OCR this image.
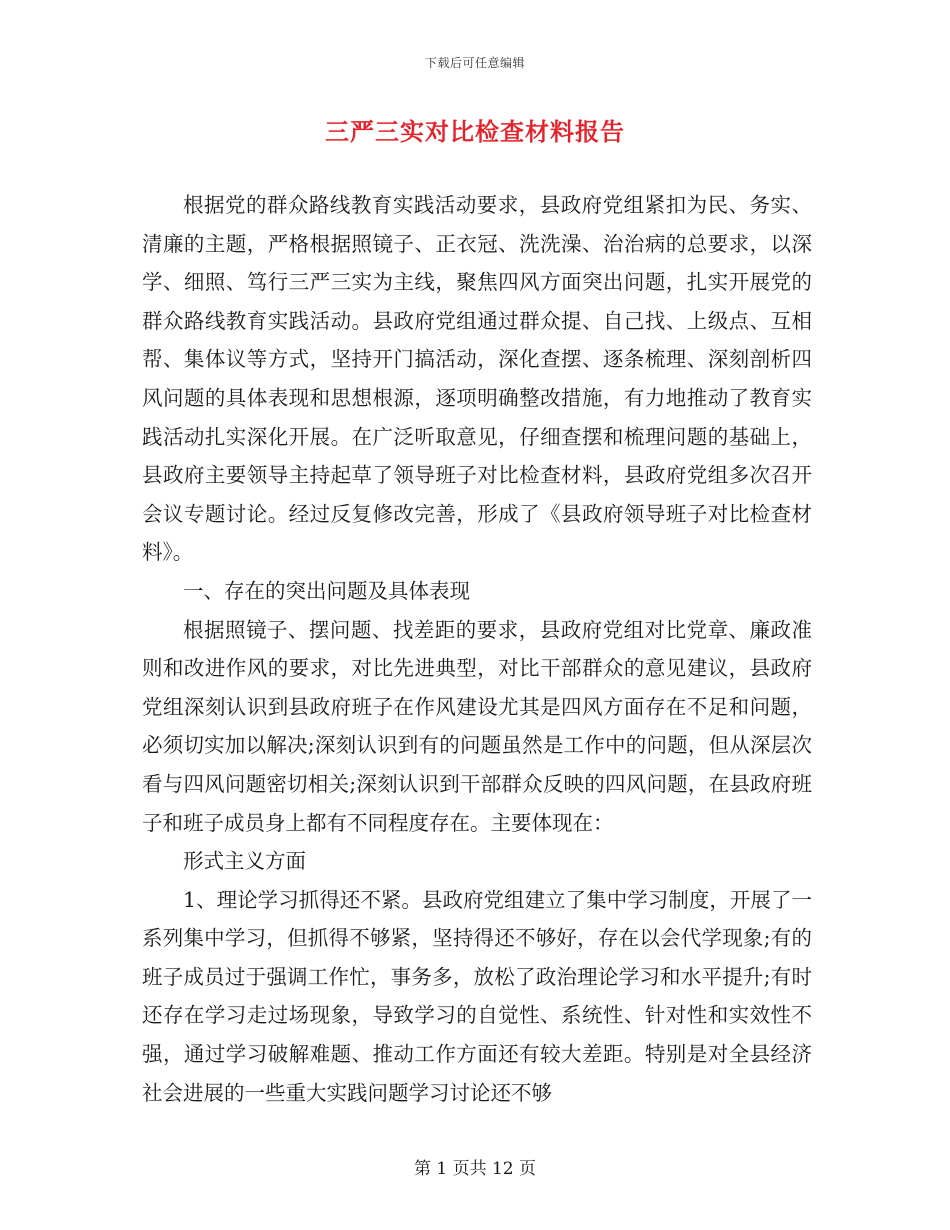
下载后可任意编辑
三严三实对比检查材料报告

根据党的群众路线教育实践活动要求，县政府党组紧扣为民、务实、清廉的主题，严格根据照镜子、正衣冠、洗洗澡、治治病的总要求，以深学、细照、笃行三严三实为主线，聚焦四风方面突出问题，扎实开展党的群众路线教育实践活动。县政府党组通过群众提、自己找、上级点、互相帮、集体议等方式，坚持开门搞活动，深化查摆、逐条梳理、深刻剖析四风问题的具体表现和思想根源，逐项明确整改措施，有力地推动了教育实践活动扎实深化开展。在广泛听取意见，仔细查摆和梳理问题的基础上，县政府主要领导主持起草了领导班子对比检查材料，县政府党组多次召开会议专题讨论。经过反复修改完善，形成了《县政府领导班子对比检查材料》。

一、存在的突出问题及具体表现

根据照镜子、摆问题、找差距的要求，县政府党组对比党章、廉政准则和改进作风的要求，对比先进典型，对比干部群众的意见建议，县政府党组深刻认识到县政府班子在作风建设尤其是四风方面存在不足和问题，必须切实加以解决;深刻认识到有的问题虽然是工作中的问题，但从深层次看与四风问题密切相关;深刻认识到干部群众反映的四风问题，在县政府班子和班子成员身上都有不同程度存在。主要体现在：

形式主义方面

1、理论学习抓得还不紧。县政府党组建立了集中学习制度，开展了一系列集中学习，但抓得不够紧，坚持得还不够好，存在以会代学现象;有的班子成员过于强调工作忙，事务多，放松了政治理论学习和水平提升;有时还存在学习走过场现象，导致学习的自觉性、系统性、针对性和实效性不强，通过学习破解难题、推动工作方面还有较大差距。特别是对全县经济社会进展的一些重大实践问题学习讨论还不够

第 1 页共 12 页
